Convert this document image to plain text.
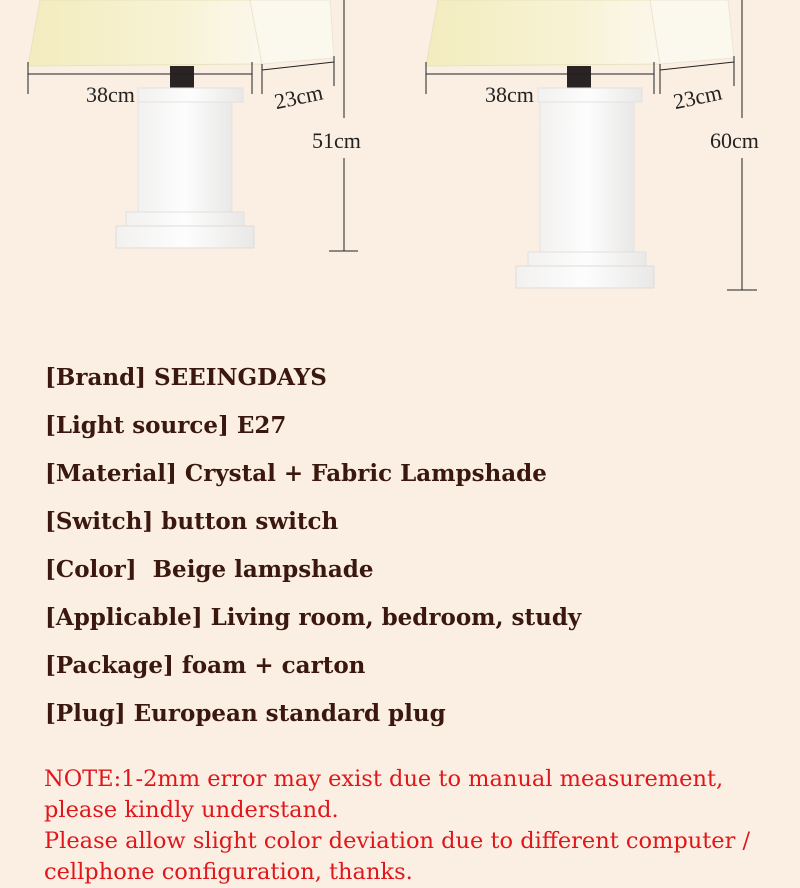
38cm	23cm
51cm
38cm	23cm
60cm
[Brand] SEEINGDAYS
[Light source] E27
[Material] Crystal + Fabric Lampshade
[Switch] button switch
[Color]  Beige lampshade
[Applicable] Living room, bedroom, study
[Package] foam + carton
[Plug] European standard plug
NOTE:1-2mm error may exist due to manual measurement,
please kindly understand.
Please allow slight color deviation due to different computer /
cellphone configuration, thanks.
